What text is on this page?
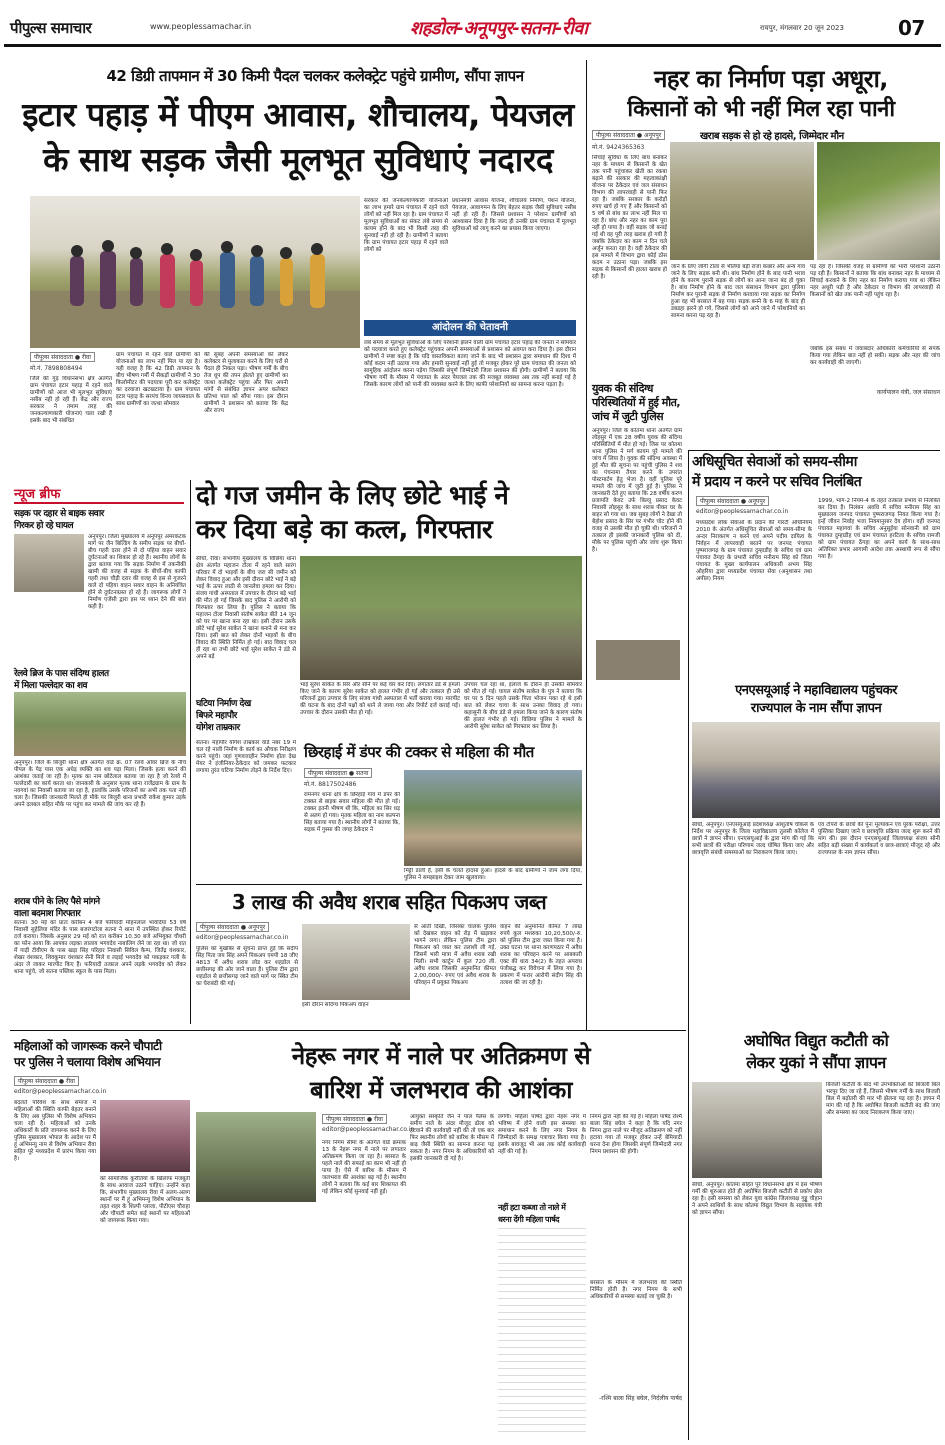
पीपुल्स समाचार	www.peoplessamachar.in	शहडोल-अनूपपुर-सतना-रीवा	रायपुर, मंगलवार 20 जून 2023	07
42 डिग्री तापमान में 30 किमी पैदल चलकर कलेक्ट्रेट पहुंचे ग्रामीण, सौंपा ज्ञापन
इटार पहाड़ में पीएम आवास, शौचालय, पेयजल
के साथ सड़क जैसी मूलभूत सुविधाएं नदारद
पीपुल्स संवाददाता ● रीवा
मो.नं. 7898808494
जिले की गुढ़ विधानसभा क्षेत्र अंतर्गत ग्राम पंचायत इटार पहाड़ में रहने वाले ग्रामीणों को आज भी मूलभूत सुविधाएं नसीब नहीं हो रही हैं। केंद्र और राज्य सरकार ने तमाम तरह की जनकल्याणकारी योजनाएं चला रखी हैं इसके बाद भी संबंधित
ग्राम पंचायत में रहने वाले ग्रामीणों को योजनाओं का लाभ नहीं मिल पा रहा है। यही वजह है कि 42 डिग्री तापमान के बीच भीषण गर्मी में सैकड़ों ग्रामीणों ने 30 किलोमीटर की पदयात्रा पूरी कर कलेक्ट्रेट का दरवाजा खटखटाया है। ग्राम पंचायत इटार पहाड़ के सरपंच विनय जायसवाल के साथ ग्रामीणों का जत्था सोमवार
की सुबह अपनी समस्याओं को लेकर कलेक्टर से मुलाकात करने के लिए घरों से पैदल ही निकल पड़ा। भीषण गर्मी के बीच तेज धूप की तपन झेलते हुए ग्रामीणों का जत्था कलेक्ट्रेट पहुंचा और फिर अपनी मांगों से संबंधित ज्ञापन अपर कलेक्टर प्रतिभा पाल को सौंपा गया। इस दौरान ग्रामीणों ने प्रशासन को बताया कि केंद्र और राज्य
सरकार की जनकल्याणकारी योजनाओं का लाभ हमारे ग्राम पंचायत में रहने वाले लोगों को नहीं मिल रहा है। ग्राम पंचायत में मूलभूत सुविधाओं का संकट लंबे समय से कायम होने के बाद भी किसी तरह की सुनवाई नहीं हो रही है। ग्रामीणों ने बताया कि ग्राम पंचायत इटार पहाड़ में रहने वाले लोगों को
प्रधानमंत्री आवास योजना, शौचालय निर्माण, पेंशन योजना, पेयजल, आवागमन के लिए बेहतर सड़क जैसी सुविधाएं नसीब नहीं हो रही हैं। जिससे प्रशासन ने परेशान ग्रामीणों को आश्वासन दिया है कि जल्द ही उनकी ग्राम पंचायत में मूलभूत सुविधाओं को लागू करने का प्रयास किया जाएगा।
आंदोलन की चेतावनी
लंबे समय से मूलभूत सुविधाओं के लिए परेशानी झेलने वाली ग्राम पंचायत इटार पहाड़ की जनता ने सोमवार को पदयात्रा करते हुए कलेक्ट्रेट पहुंचकर अपनी समस्याओं से प्रशासन को अवगत करा दिया है। इस दौरान ग्रामीणों ने स्पष्ट कहा है कि यदि वास्तविकता बताए जाने के बाद भी प्रशासन द्वारा समाधान की दिशा में कोई कदम नहीं उठाया गया और हमारी सुनवाई नहीं हुई तो मजबूर होकर पूरे ग्राम पंचायत की जनता को सामूहिक आंदोलन करना पड़ेगा जिसकी संपूर्ण जिम्मेदारी जिला प्रशासन की होगी। ग्रामीणों ने बताया कि भीषण गर्मी के मौसम में पंचायत के अंदर पेयजल तक की मजबूत व्यवस्था अब तक नहीं बनाई गई है जिसके कारण लोगों को पानी की व्यवस्था करने के लिए काफी परेशानियों का सामना करना पड़ता है।
नहर का निर्माण पड़ा अधूरा,
किसानों को भी नहीं मिल रहा पानी
पीपुल्स संवाददाता ● अनूपपुर
मो.नं. 9424365363
खराब सड़क से हो रहे हादसे, जिम्मेदार मौन
सिंचाई सुविधा के लिए बांध बनाकर नहर के माध्यम से किसानों के खेत तक पानी पहुंचाकर खेती का रकबा बढ़ाने की सरकार की महत्वाकांक्षी योजना पर ठेकेदार एवं जल संसाधन विभाग की लापरवाही से पानी फिर रहा है। जबकि सरकार के करोड़ों रुपए खर्च हो गए हैं और किसानों को 5 वर्ष से बांध का लाभ नहीं मिल पा रहा है। बांध और नहर का काम पूरा नहीं हो पाया है। वहीं सड़क जो बनाई गई थी वह पूरी तरह खराब हो गयी है जबकि ठेकेदार का काम न दिन चले अर्जुन करता रहा है। वहीं ठेकेदार की इस मामले में विभाग द्वारा कोई ठोस कदम न उठाना पड़ा। जबकि इस सड़क से किसानों की हालत खराब हो रही है।
जाने के लिए जोगी टोला से भेलिया बड़ी राजा कछार और अन्य गांव जाने के लिए सड़क बनी थी। बांध निर्माण होने के बाद पानी भराव होने के कारण पुरानी सड़क से लोगों का आना जाना बंद हो चुका है। बांध निर्माण होने के बाद जल संसाधन विभाग द्वारा पुलिया निर्माण कर पुरानी सड़क से निर्माण करवाया गया सड़क का निर्माण हुआ वह भी बरसात में बह गया। सड़क बनने के 6 माह के बाद ही डबडहा झरने हो गये, जिससे लोगों को आने जाने में परेशानियों का सामना करना पड़ रहा है।
पड़ रहा है। जिसकी वजह से ग्रामीणों को भारी परेशानी उठानी पड़ रही है। किसानों ने बताया कि बांध बनाकर नहर के माध्यम से सिंचाई करवाने के लिए नहर का निर्माण कराया गया था लेकिन नहर अधूरी पड़ी है और ठेकेदार व विभाग की लापरवाही से किसानों को खेत तक पानी नहीं पहुंच रहा है।
जबकि इस संबंध में जवाबदार अधिकारी कर्मचारियों से संपर्क किया गया लेकिन बात नहीं हो सकी। सड़क और नहर की जांच कर कार्यवाही की जाएगी।
कार्यपालन यंत्री, जल संसाधन
युवक की संदिग्ध
परिस्थितियों में हुई मौत,
जांच में जुटी पुलिस
अनूपपुर। जिले के कोतमा थाना अंतर्गत ग्राम लोहसुर में एक 28 वर्षीय युवक की संदिग्ध परिस्थितियों में मौत हो गई। जिस पर कोतमा थाना पुलिस ने मर्ग कायम पूरे मामले की जांच में लिया है। युवक की संदिग्ध अवस्था में हुई मौत की सूचना पर पहुंची पुलिस ने शव का पंचनामा तैयार करने के उपरांत पोस्टमार्टम हेतु भेजा है। वहीं पुलिस पूरे मामले की जांच में जुटी हुई है। पुलिस ने जानकारी देते हुए बताया कि 28 वर्षीय करण प्रजापति केवट उर्फ बिल्लू प्रसाद केवट निवासी लोहसुर के साथ शराब पीकर घर के बाहर सो गया था। जब सुबह लोगों ने देखा तो बेहोश प्रसाद के सिर पर गंभीर चोट होने की वजह से उसकी मौत हो चुकी थी। परिजनों ने तत्काल ही इसकी जानकारी पुलिस को दी, मौके पर पुलिस पहुंची और जांच शुरू किया है।
अधिसूचित सेवाओं को समय-सीमा
में प्रदाय न करने पर सचिव निलंबित
पीपुल्स संवाददाता ● अनूपपुर
editor@peoplessamachar.co.in
मध्यप्रदेश लोक सेवाओं के प्रदान की गारंटी अधिनियम 2010 के अंतर्गत अधिसूचित सेवाओं को समय-सीमा के अन्दर निराकरण न करने एवं अपने पदीय दायित्व के निर्वहन में लापरवाही बरतने पर जनपद पंचायत पुष्पराजगढ़ के ग्राम पंचायत दुम्हाडीह के सचिव एवं ग्राम पंचायत ठेंगहा के प्रभारी सचिव मनीराम सिंह को जिला पंचायत के मुख्य कार्यपालन अधिकारी अभय सिंह ओहरिया द्वारा मध्यप्रदेश पंचायत सेवा (अनुशासन तथा अपील) नियम
1999, भाग-2 नियम-4 के तहत तत्काल प्रभाव से निलंबित कर दिया है। निलंबन अवधि में सचिव मनीराम सिंह का मुख्यालय जनपद पंचायत पुष्पराजगढ़ नियत किया गया है। इन्हें जीवन निर्वाह भत्ता नियमानुसार देय होगा। वहीं जनपद पंचायत महागवां के सचिव अनुसुईया सोनवानी को ग्राम पंचायत दुम्हाडीह एवं ग्राम पंचायत हरटिला के सचिव रामजी को ग्राम पंचायत ठेंगहा का अपने कार्य के साथ-साथ अतिरिक्त प्रभार आगामी आदेश तक अस्थायी रूप से सौंपा गया है।
न्यूज ब्रीफ
सड़क पर दहार से बाइक सवार
गिरकर हो रहे घायल
अनूपपुर। जिला मुख्यालय में अनूपपुर अमरकंटक मार्ग पर जैन बिल्डिंग के समीप सड़क पर बीचों-बीच गहरी दरार होने से दो पहिया वाहन सवार दुर्घटनाओं का शिकार हो रहे हैं। स्थानीय लोगों के द्वारा बताया गया कि सड़क निर्माण में तकनीकी खामी की वजह से सड़क के बीचों-बीच काफी गहरी तथा चौड़ी दरार की वजह से इस से गुजरने वाले दो पहिया वाहन सवार वाहन के अनियंत्रित होने से दुर्घटनाग्रस्त हो रहे हैं। जागरूक लोगों ने निर्माण एजेंसी द्वारा इस पर ध्यान देने की बात कही है।
रेलवे ब्रिज के पास संदिग्ध हालत
में मिला पल्लेदार का शव
अनूपपुर। जिले के बिजुरी थाना क्षेत्र अंतर्गत वार्ड क्र. 07 रेलवे ओवर ब्रिज के नीचे पीपल के पेड़ पास एक अधेड़ व्यक्ति का शव पड़ा मिला। जिसके हत्या करने की आशंका जताई जा रही है। मृतक का नाम छोटेलाल बताया जा रहा है जो रेलवे में पल्लेदारी का कार्य करता था। जानकारी के अनुसार मृतक थाना राजेंद्रग्राम के ग्राम के नवगवां का निवासी बताया जा रहा है, हालांकि उसके परिजनों का अभी तक पता नहीं चला है। जिसकी जानकारी मिलते ही मौके पर बिजुरी थाना प्रभारी राकेश कुमार उइके अपने दलबल सहित मौके पर पहुंच कर मामले की जांच कर रहे हैं।
शराब पीने के लिए पैसे मांगने
वाला बदमाश गिरफ्तार
सतना। 30 मई को प्रातः करीबन 4 बजे फरियादी मोहनलाल भावदिया 53 वर्ष निवासी सुहेलिया मंदिर के पास बजरंगटोला सतना ने थाना में उपस्थित होकर रिपोर्ट दर्ज कराया। जिसके अनुसार 29 मई को रात करीबन 10.30 बजे अभियुक्त चौधरी का फोन आया कि आपका लड़का लालाय भगवदेव नाबालिग लेने जा रहा था। जो रात में गाड़ी टीवीएम के पास खड़ा सिंह परिहार निवासी सिविल कैम्प, जितेंद्र वंशकार, शेखर वंशकार, शिवकुमार वंशकार सेनी मिले व लड़ाई भगवदेव को पकड़कर गली के अंदर ले जाकर मारपीट किए हैं। फरियादी तत्काल अपने लड़के भगवदेव को लेकर थाना पहुंचे, जो सतना पब्लिक स्कूल के पास मिला।
दो गज जमीन के लिए छोटे भाई ने
कर दिया बड़े का कत्ल, गिरफ्तार
सीधी, रीवा। संभागीय मुख्यालय के विछिया थाना क्षेत्र अंतर्गत महाजन टोला में रहने वाले सारंग परिवार में दो भाइयों के बीच जरा सी जमीन को लेकर विवाद हुआ और इसी दौरान छोटे भाई ने बड़े भाई के ऊपर लाठी से जानलेवा हमला कर दिया। संजय गांधी अस्पताल में उपचार के दौरान बड़े भाई की मौत हो गई जिसके बाद पुलिस ने आरोपी को गिरफ्तार कर लिया है। पुलिस ने बताया कि महाजन टोला निवासी संतोष साकेत बीते 14 जून को घर पर खाना बना रहा था। इसी दौरान उसके छोटे भाई सुरेश साकेत ने खाना बनाने से मना कर दिया। इसी बात को लेकर दोनों भाइयों के बीच विवाद की स्थिति निर्मित हो गई। बाद विवाद चल ही रहा था तभी छोटे भाई सुरेश साकेत ने डंडे से अपने बड़े
भाई सुरेश साकेत के सिर और सीने पर कई वार कर दिए। लगातार डंडे से हमला किए जाने के कारण सुरेश साकेत को हालत गंभीर हो गई और तत्काल ही उसे परिजनों द्वारा उपचार के लिए संजय गांधी अस्पताल में भर्ती कराया गया। मारपीट की घटना के बाद दोनों पक्षों को थाने ले जाया गया और रिपोर्ट दर्ज कराई गई। उपचार के दौरान उसकी मौत हो गई।
उपचार चल रहा था, इलाज के दौरान ही उसकी सोमवार को मौत हो गई। घायल संतोष साकेत के पुत्र ने बताया कि घर पर 5 दिन पहले उसके पिता भोजन पका रहे थे इसी बात को लेकर चाचा के साथ उनका विवाद हो गया। कहासुनी के बीच डंडे से हमला किया जाने के कारण संतोष की हालत गंभीर हो गई। विछिया पुलिस ने मामले के आरोपी सुरेश साकेत को गिरफ्तार कर लिया है।
घटिया निर्माण देख
बिफरे महापौर
योगेश ताम्रकार
सतना। महापौर योगेश ताम्रकार वार्ड नंबर 19 में चल रहे नाली निर्माण के कार्य का औचक निरीक्षण करने पहुंचे। जहां गुणवत्ताहीन निर्माण होता देख मेयर ने इंजीनियर-ठेकेदार को जमकर फटकार लगाया तुरंत घटिया निर्माण तोड़ने के निर्देश दिए।
छिरहाई में डंपर की टक्कर से महिला की मौत
पीपुल्स संवाददाता ● सतना
मो.नं. 8817502486
रामनगर थाना क्षेत्र के छिरहाई गांव में डंपर की टक्कर से बाइक सवार महिला की मौत हो गई। टक्कर इतनी भीषण थी कि, महिला का सिर धड़ से अलग हो गया। मृतक महिला का नाम कल्पना सिंह बताया गया है। स्थानीय लोगों ने बताया कि, सड़क में गुस्सा की जगह ठेकेदार ने
मिट्टी डाली है, इसी के चलते हादसा हुआ। हादसे के बाद ग्रामीणों ने जाम लगा दिया, पुलिस ने समझाइश देकर जाम खुलवाया।
3 लाख की अवैध शराब सहित पिकअप जब्त
पीपुल्स संवाददाता ● अनूपपुर
editor@peoplessamachar.co.in
पुलिस को मुखबिर से सूचना प्राप्त हुई कि संदीप सिंह पिता जय सिंह अपने पिकअप एमपी 18 जीए 4813 में अवैध शराब लोड कर शहडोल से छत्तीसगढ़ की ओर जाने वाला है। पुलिस टीम द्वारा शहडोल से छत्तीसगढ़ जाने वाले मार्ग पर स्थित टीम का घेराबंदी की गई।
इसी दौरान संदिग्ध पिकअप वाहन
से आती दिखी, जिसका चालक पुलिस को देखकर वाहन को रोड़ में खड़ाकर भागने लगा। लेकिन पुलिस टीम द्वारा पिकअप को जब्त कर तलाशी ली गई, जिसमें भारी मात्रा में अवैध शराब रखी मिली। सभी कार्टून में कुल 720 ली. अवैध शराब जिसकी अनुमानित कीमत 2,00,000/- रुपए एवं अवैध शराब के परिवहन में प्रयुक्त पिकअप
वाहन की अनुमानित कीमत 7 लाख रुपये कुल मशरुका 10,20,500/-रु. को पुलिस टीम द्वारा जब्त किया गया है। उक्त घटना पर थाना करणपठार में अवैध शराब का परिवहन करने पर आबकारी एक्ट की धारा 34(2) के तहत अपराध पंजीबद्ध कर विवेचना में लिया गया है। प्रकरण में फरार आरोपी संदीप सिंह की तलाश की जा रही है।
एनएसयूआई ने महाविद्यालय पहुंचकर
राज्यपाल के नाम सौंपा ज्ञापन
सीधी, अनूपपुर। एनएसयूआई प्रदेशाध्यक्ष आशुतोष चौकसे के निर्देश पर अनूपपुर के जिला महाविद्यालय तुलसी कॉलेज में छात्रों ने ज्ञापन सौंपा। एनएसयूआई के द्वारा मांग की गई कि सभी छात्रों की परीक्षा परिणाम जल्द घोषित किया जाए और छात्रवृत्ति संबंधी समस्याओं का निराकरण किया जाए।
एवं टॉपरों के छात्रों की पुनः मूल्यांकन एवं पूरक परीक्षा, उत्तर पुस्तिका दिखाए जाने व छात्रवृत्ति प्रक्रिया जल्द शुरू करने की मांग की। इस दौरान एनएसयूआई जिलाध्यक्ष संजय सोनी सहित बड़ी संख्या में कार्यकर्ता व छात्र-छात्राएं मौजूद रहे और राज्यपाल के नाम ज्ञापन सौंपा।
अघोषित विद्युत कटौती को
लेकर युकां ने सौंपा ज्ञापन
सीधी, अनूपपुर। कोतमा सहित पूरे विधानसभा क्षेत्र में इस भीषण गर्मी की शुरुआत होते ही अघोषित बिजली कटौती से प्रकोप झेल रहा है। इसी समस्या को लेकर युवा कांग्रेस जिलाध्यक्ष गुड्डू चौहान ने अपने साथियों के साथ कोतमा विद्युत विभाग के सहायक यंत्री को ज्ञापन सौंपा।
बिजली कटौती के बाद भी उपभोक्ताओं को बिजली बिल भरपूर दिए जा रहे हैं, जिससे भीषण गर्मी के साथ बिजली बिल में बढ़ोतरी की मार भी झेलना पड़ रहा है। ज्ञापन में मांग की गई है कि अघोषित बिजली कटौती बंद की जाए और समस्या का जल्द निराकरण किया जाए।
महिलाओं को जागरूक करने चौपाटी
पर पुलिस ने चलाया विशेष अभियान
पीपुल्स संवाददाता ● रीवा
editor@peoplessamachar.co.in
बदलते परिवेश के साथ समाज में महिलाओं की स्थिति काफी बेहतर बनाने के लिए अब पुलिस भी विशेष अभियान चला रही है। महिलाओं को उनके अधिकारों के प्रति जागरूक करने के लिए पुलिस मुख्यालय भोपाल के आदेश पर मैं हूं अभिमन्यु नाम से विशेष अभियान रीवा सहित पूरे मध्यप्रदेश में प्रारंभ किया गया है।
को सामाजिक कुरीतियों के खिलाफ मजबूती के साथ आवाज उठाने चाहिए। उन्होंने कहा कि, संभागीय मुख्यालय रीवा में अलग-अलग स्थानों पर मैं हूं अभिमन्यु विशेष अभियान के तहत शहर के शिल्पी प्लाजा, पीटीएस चौराहा और चौपाटी समेत कई स्थानों पर महिलाओं को जागरूक किया गया।
नेहरू नगर में नाले पर अतिक्रमण से
बारिश में जलभराव की आशंका
पीपुल्स संवाददाता ● रीवा
editor@peoplessamachar.co.in
नगर निगम सीमा के अंतर्गत वार्ड क्रमांक 13 के नेहरू नगर में नाले पर लगातार अतिक्रमण किया जा रहा है। बरसात के पहले नाले की सफाई का काम भी नहीं हो पाया है। ऐसे में बारिश के मौसम में जलभराव की आशंका बढ़ गई है। स्थानीय लोगों ने बताया कि कई बार शिकायत की गई लेकिन कोई सुनवाई नहीं हुई।
आयुक्त संस्कृति जैन ने पाल पैलेस के समीप नाले के अंदर मौजूद ढोला को हटवाने की कार्यवाही नहीं की तो एक बार फिर स्थानीय लोगों को बारिश के मौसम में बाढ़ जैसी स्थिति का सामना करना पड़ सकता है। नगर निगम के अधिकारियों को इसकी जानकारी दी गई है।
लगेगी। महिला पार्षद द्वारा नेहरू नगर में भविष्य में होने वाली इस समस्या का समाधान करने के लिए नगर निगम के जिम्मेदारों के समक्ष पत्राचार किया गया है। इसके बावजूद भी अब तक कोई कार्यवाही नहीं की गई है।
नहीं हटा कब्जा तो नाले में
धरना देंगी महिला पार्षद
निगम द्वारा नहीं की गई है। महिला पार्षद रश्मि बाला सिंह बघेल ने कहा है कि यदि नगर निगम द्वारा नाले पर मौजूद अतिक्रमण को नहीं हटाया गया तो मजबूर होकर उन्हें बेमियादी धरना देना होगा जिसकी संपूर्ण जिम्मेदारी नगर निगम प्रशासन की होगी।
बरसात के मौसम में जलभराव की स्थिति निर्मित होती है। नगर निगम के सभी अधिकारियों से समस्या बताई जा चुकी है।
-रश्मि बाला सिंह बघेल, निर्दलीय पार्षद
